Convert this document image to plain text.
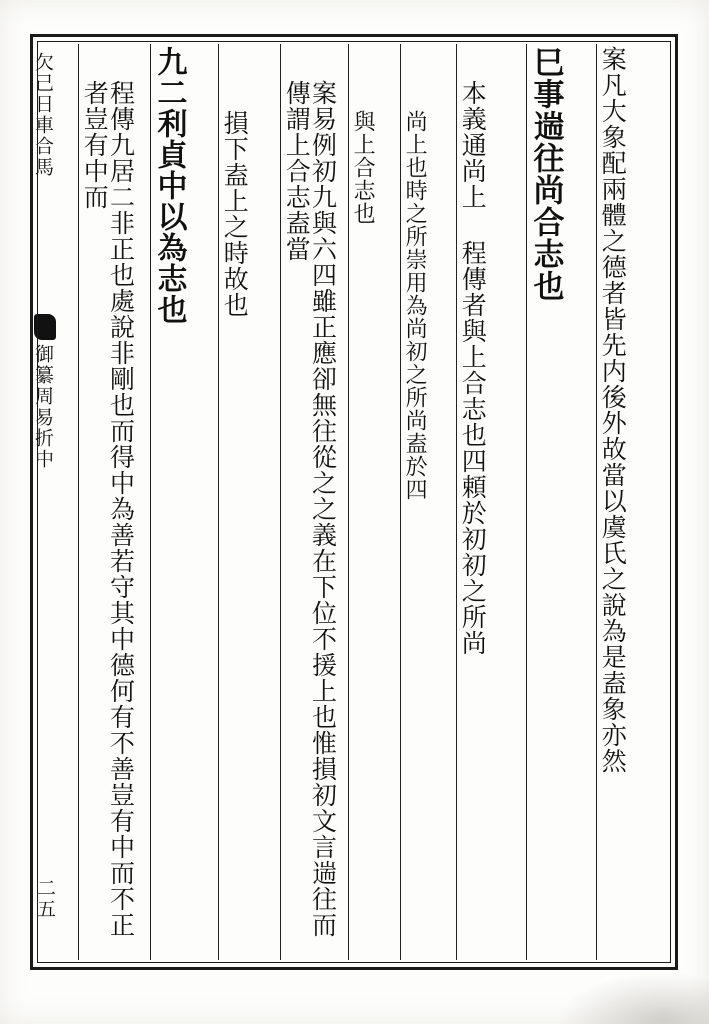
欠己日車合馬
御纂周易折中
二五
案凡大象配兩體之德者皆先内後外故當以虞氏之說為是盍象亦然
巳事遄往尚合志也
本義通尚上 程傳者與上合志也四頼於初初之所尚
尚上也時之所崇用為尚初之所尚盍於四
與上合志也
案易例初九與六四雖正應卻無往從之之義在下位不援上也惟損初文言遄往而傳謂上合志盍當
損下盍上之時故也
九二利貞中以為志也
程傳九居二非正也處說非剛也而得中為善若守其中德何有不善豈有中而不正者豈有中而
